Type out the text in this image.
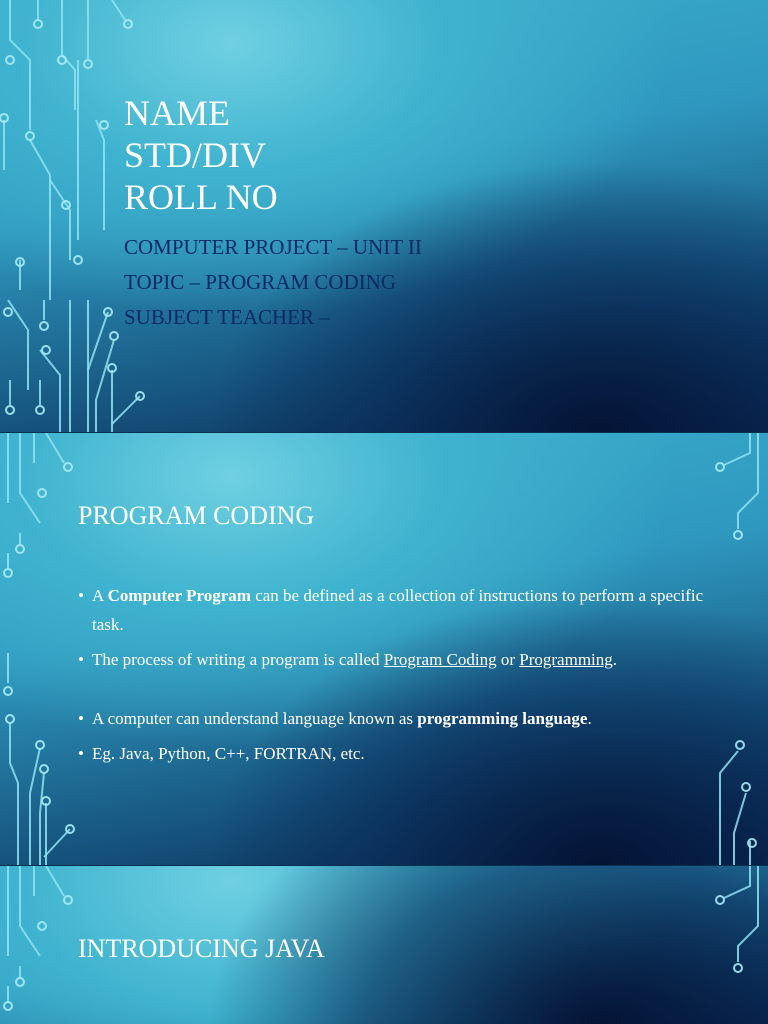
NAME
STD/DIV
ROLL NO
COMPUTER PROJECT – UNIT II
TOPIC – PROGRAM CODING
SUBJECT TEACHER –
PROGRAM CODING
• A Computer Program can be defined as a collection of instructions to perform a specific task.
• The process of writing a program is called Program Coding or Programming.
• A computer can understand language known as programming language.
• Eg. Java, Python, C++, FORTRAN, etc.
INTRODUCING JAVA
